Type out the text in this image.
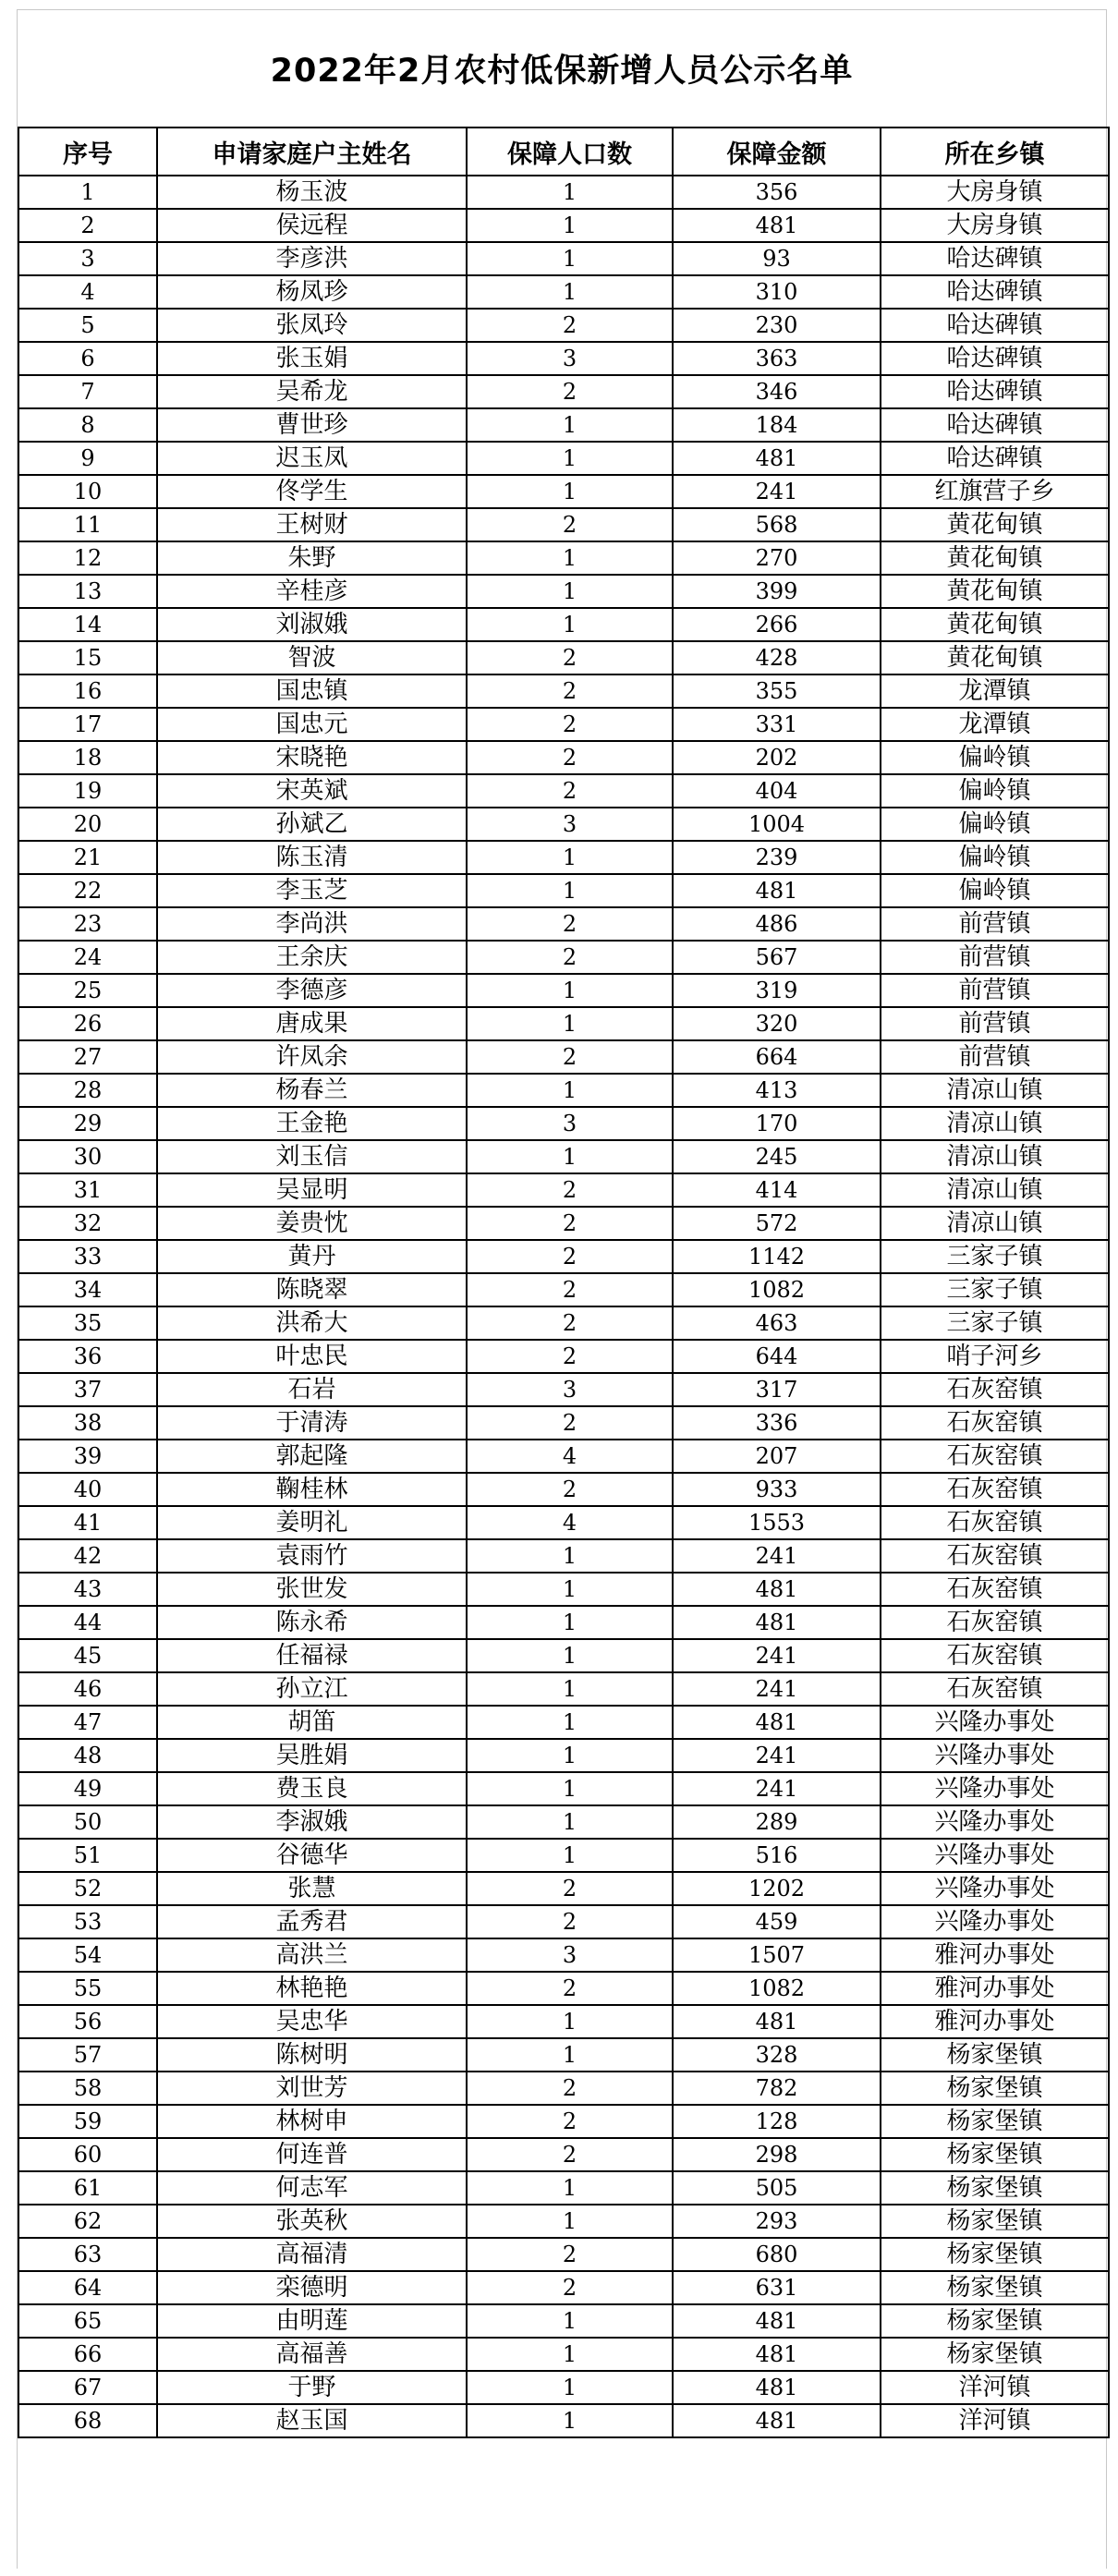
2022年2月农村低保新增人员公示名单
序号	申请家庭户主姓名	保障人口数	保障金额	所在乡镇
1	杨玉波	1	356	大房身镇
2	侯远程	1	481	大房身镇
3	李彦洪	1	93	哈达碑镇
4	杨凤珍	1	310	哈达碑镇
5	张凤玲	2	230	哈达碑镇
6	张玉娟	3	363	哈达碑镇
7	吴希龙	2	346	哈达碑镇
8	曹世珍	1	184	哈达碑镇
9	迟玉凤	1	481	哈达碑镇
10	佟学生	1	241	红旗营子乡
11	王树财	2	568	黄花甸镇
12	朱野	1	270	黄花甸镇
13	辛桂彦	1	399	黄花甸镇
14	刘淑娥	1	266	黄花甸镇
15	智波	2	428	黄花甸镇
16	国忠镇	2	355	龙潭镇
17	国忠元	2	331	龙潭镇
18	宋晓艳	2	202	偏岭镇
19	宋英斌	2	404	偏岭镇
20	孙斌乙	3	1004	偏岭镇
21	陈玉清	1	239	偏岭镇
22	李玉芝	1	481	偏岭镇
23	李尚洪	2	486	前营镇
24	王余庆	2	567	前营镇
25	李德彦	1	319	前营镇
26	唐成果	1	320	前营镇
27	许凤余	2	664	前营镇
28	杨春兰	1	413	清凉山镇
29	王金艳	3	170	清凉山镇
30	刘玉信	1	245	清凉山镇
31	吴显明	2	414	清凉山镇
32	姜贵忱	2	572	清凉山镇
33	黄丹	2	1142	三家子镇
34	陈晓翠	2	1082	三家子镇
35	洪希大	2	463	三家子镇
36	叶忠民	2	644	哨子河乡
37	石岩	3	317	石灰窑镇
38	于清涛	2	336	石灰窑镇
39	郭起隆	4	207	石灰窑镇
40	鞠桂林	2	933	石灰窑镇
41	姜明礼	4	1553	石灰窑镇
42	袁雨竹	1	241	石灰窑镇
43	张世发	1	481	石灰窑镇
44	陈永希	1	481	石灰窑镇
45	任福禄	1	241	石灰窑镇
46	孙立江	1	241	石灰窑镇
47	胡笛	1	481	兴隆办事处
48	吴胜娟	1	241	兴隆办事处
49	费玉良	1	241	兴隆办事处
50	李淑娥	1	289	兴隆办事处
51	谷德华	1	516	兴隆办事处
52	张慧	2	1202	兴隆办事处
53	孟秀君	2	459	兴隆办事处
54	高洪兰	3	1507	雅河办事处
55	林艳艳	2	1082	雅河办事处
56	吴忠华	1	481	雅河办事处
57	陈树明	1	328	杨家堡镇
58	刘世芳	2	782	杨家堡镇
59	林树申	2	128	杨家堡镇
60	何连普	2	298	杨家堡镇
61	何志军	1	505	杨家堡镇
62	张英秋	1	293	杨家堡镇
63	高福清	2	680	杨家堡镇
64	栾德明	2	631	杨家堡镇
65	由明莲	1	481	杨家堡镇
66	高福善	1	481	杨家堡镇
67	于野	1	481	洋河镇
68	赵玉国	1	481	洋河镇
